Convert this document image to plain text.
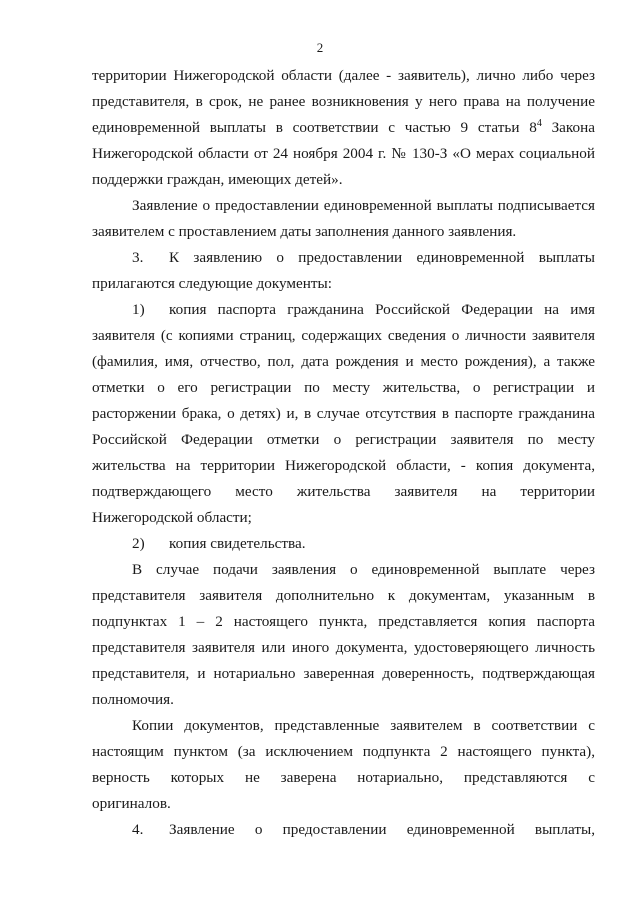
2
территории Нижегородской области (далее - заявитель), лично либо через
представителя, в срок, не ранее возникновения у него права на получение
единовременной выплаты в соответствии с частью 9 статьи $8^4$ Закона
Нижегородской области от 24 ноября 2004 г. № 130-З «О мерах социальной
поддержки граждан, имеющих детей».
Заявление о предоставлении единовременной выплаты подписывается
заявителем с проставлением даты заполнения данного заявления.
3. К заявлению о предоставлении единовременной выплаты
прилагаются следующие документы:
1) копия паспорта гражданина Российской Федерации на имя
заявителя (с копиями страниц, содержащих сведения о личности заявителя
(фамилия, имя, отчество, пол, дата рождения и место рождения), а также
отметки о его регистрации по месту жительства, о регистрации и
расторжении брака, о детях) и, в случае отсутствия в паспорте гражданина
Российской Федерации отметки о регистрации заявителя по месту
жительства на территории Нижегородской области, - копия документа,
подтверждающего место жительства заявителя на территории
Нижегородской области;
2) копия свидетельства.
В случае подачи заявления о единовременной выплате через
представителя заявителя дополнительно к документам, указанным в
подпунктах 1 – 2 настоящего пункта, представляется копия паспорта
представителя заявителя или иного документа, удостоверяющего личность
представителя, и нотариально заверенная доверенность, подтверждающая
полномочия.
Копии документов, представленные заявителем в соответствии с
настоящим пунктом (за исключением подпункта 2 настоящего пункта),
верность которых не заверена нотариально, представляются с
оригиналов.
4. Заявление о предоставлении единовременной выплаты,
